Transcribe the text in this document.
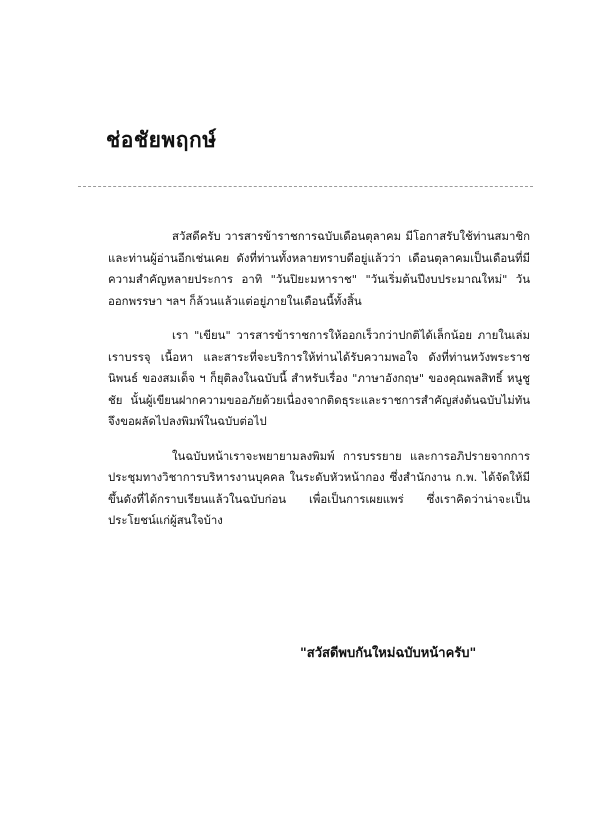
ช่อชัยพฤกษ์

สวัสดีครับ วารสารข้าราชการฉบับเดือนตุลาคม มีโอกาสรับใช้ท่านสมาชิกและท่านผู้อ่านอีกเช่นเคย ดังที่ท่านทั้งหลายทราบดีอยู่แล้วว่า เดือนตุลาคมเป็นเดือนที่มีความสำคัญหลายประการ อาทิ "วันปิยะมหาราช" "วันเริ่มต้นปีงบประมาณใหม่" วันออกพรรษา ฯลฯ ก็ล้วนแล้วแต่อยู่ภายในเดือนนี้ทั้งสิ้น

เรา "เขียน" วารสารข้าราชการให้ออกเร็วกว่าปกติได้เล็กน้อย ภายในเล่ม เราบรรจุ เนื้อหา และสาระที่จะบริการให้ท่านได้รับความพอใจ ดังที่ท่านหวังพระราชนิพนธ์ ของสมเด็จ ฯ ก็ยุติลงในฉบับนี้ สำหรับเรื่อง "ภาษาอังกฤษ" ของคุณพลสิทธิ์ หนูชูชัย นั้นผู้เขียนฝากความขออภัยด้วยเนื่องจากติดธุระและราชการสำคัญส่งต้นฉบับไม่ทัน จึงขอผลัดไปลงพิมพ์ในฉบับต่อไป

ในฉบับหน้าเราจะพยายามลงพิมพ์ การบรรยาย และการอภิปรายจากการประชุมทางวิชาการบริหารงานบุคคล ในระดับหัวหน้ากอง ซึ่งสำนักงาน ก.พ. ได้จัดให้มีขึ้นดังที่ได้กราบเรียนแล้วในฉบับก่อน เพื่อเป็นการเผยแพร่ ซึ่งเราคิดว่าน่าจะเป็นประโยชน์แก่ผู้สนใจบ้าง

"สวัสดีพบกันใหม่ฉบับหน้าครับ"
